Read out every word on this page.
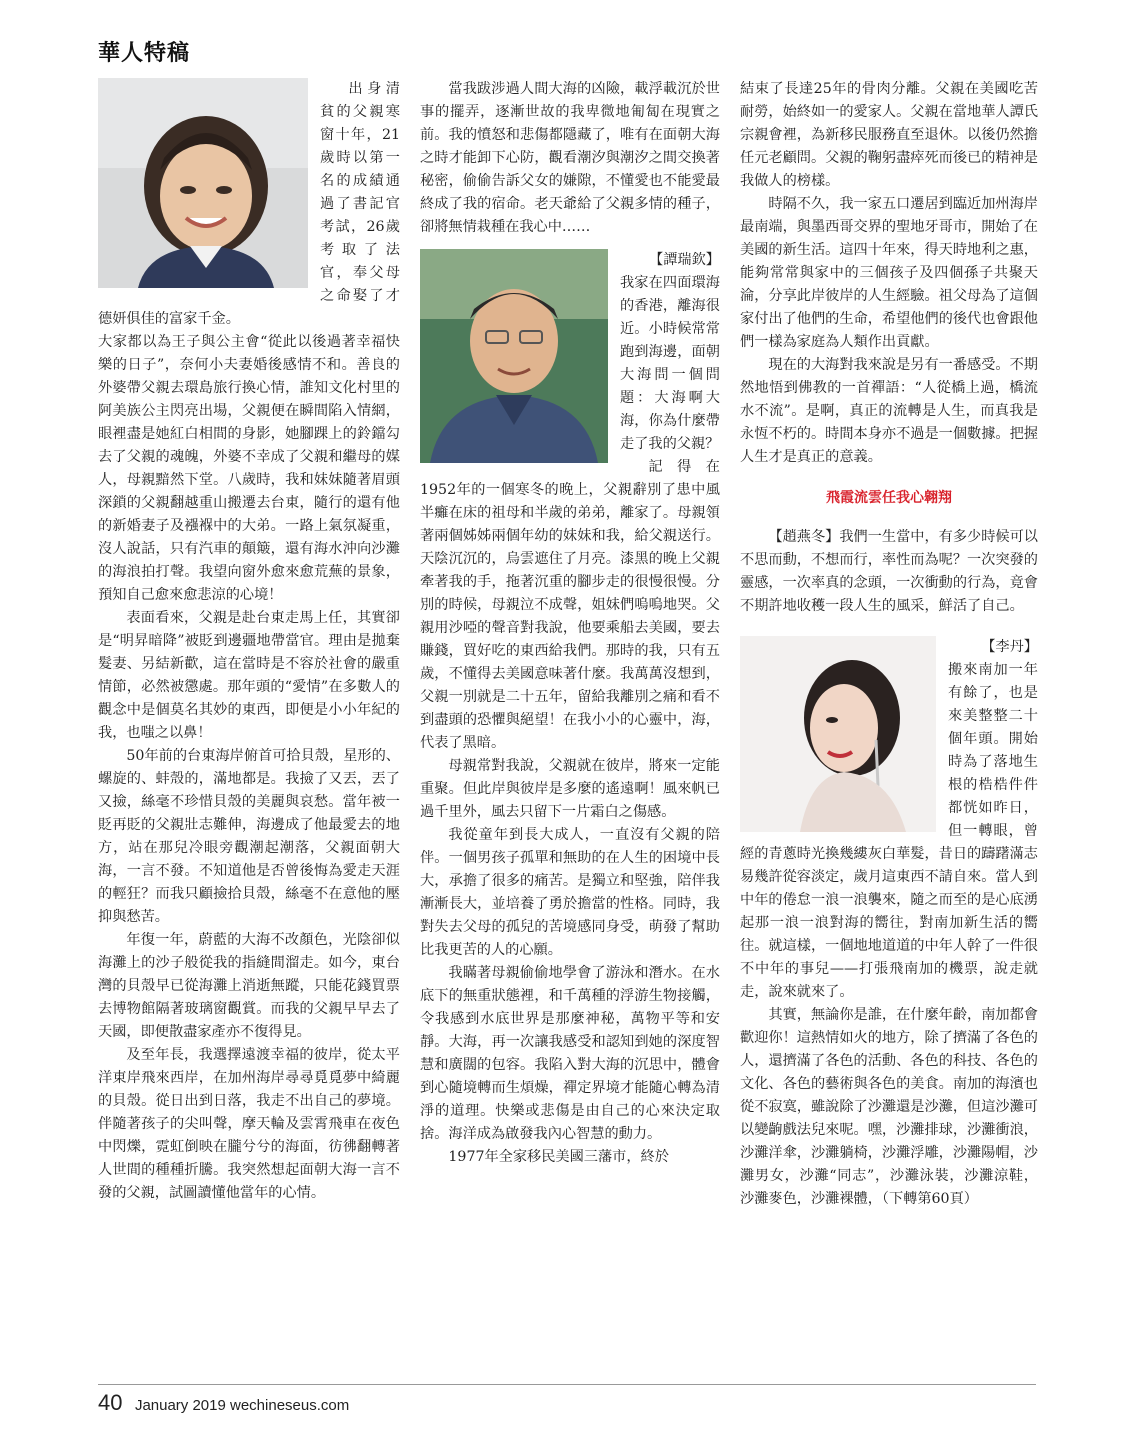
華人特稿

出身清貧的父親寒窗十年，21歲時以第一名的成績通過了書記官考試，26歲考取了法官，奉父母之命娶了才德妍俱佳的富家千金。

大家都以為王子與公主會“從此以後過著幸福快樂的日子”，奈何小夫妻婚後感情不和。善良的外婆帶父親去環島旅行換心情，誰知文化村里的阿美族公主閃亮出場，父親便在瞬間陷入情網，眼裡盡是她紅白相間的身影，她腳踝上的鈴鐺勾去了父親的魂魄，外婆不幸成了父親和繼母的媒人，母親黯然下堂。八歲時，我和妹妹隨著眉頭深鎖的父親翻越重山搬遷去台東，隨行的還有他的新婚妻子及襁褓中的大弟。一路上氣氛凝重，沒人說話，只有汽車的顛簸，還有海水沖向沙灘的海浪拍打聲。我望向窗外愈來愈荒蕪的景象，預知自己愈來愈悲涼的心境！

表面看來，父親是赴台東走馬上任，其實卻是“明昇暗降”被貶到邊疆地帶當官。理由是拋棄髮妻、另結新歡，這在當時是不容於社會的嚴重情節，必然被懲處。那年頭的“愛情”在多數人的觀念中是個莫名其妙的東西，即便是小小年紀的我，也嗤之以鼻！

50年前的台東海岸俯首可拾貝殼，星形的、螺旋的、蚌殼的，滿地都是。我撿了又丟，丟了又撿，絲毫不珍惜貝殼的美麗與哀愁。當年被一貶再貶的父親壯志難伸，海邊成了他最愛去的地方，站在那兒冷眼旁觀潮起潮落，父親面朝大海，一言不發。不知道他是否曾後悔為愛走天涯的輕狂？而我只顧撿拾貝殼，絲毫不在意他的壓抑與愁苦。

年復一年，蔚藍的大海不改顏色，光陰卻似海灘上的沙子般從我的指縫間溜走。如今，東台灣的貝殼早已從海灘上消逝無蹤，只能花錢買票去博物館隔著玻璃窗觀賞。而我的父親早早去了天國，即便散盡家產亦不復得見。

及至年長，我選擇遠渡幸福的彼岸，從太平洋東岸飛來西岸，在加州海岸尋尋覓覓夢中綺麗的貝殼。從日出到日落，我走不出自己的夢境。伴隨著孩子的尖叫聲，摩天輪及雲霄飛車在夜色中閃爍，霓虹倒映在朧兮兮的海面，彷彿翻轉著人世間的種種折騰。我突然想起面朝大海一言不發的父親，試圖讀懂他當年的心情。

當我跋涉過人間大海的凶險，載浮載沉於世事的擺弄，逐漸世故的我卑微地匍匐在現實之前。我的憤怒和悲傷都隱藏了，唯有在面朝大海之時才能卸下心防，觀看潮汐與潮汐之間交換著秘密，偷偷告訴父女的嫌隙，不懂愛也不能愛最終成了我的宿命。老天爺給了父親多情的種子，卻將無情栽種在我心中……

【譚瑞欽】

我家在四面環海的香港，離海很近。小時候常常跑到海邊，面朝大海問一個問題：大海啊大海，你為什麼帶走了我的父親？

記得在1952年的一個寒冬的晚上，父親辭別了患中風半癱在床的祖母和半歲的弟弟，離家了。母親領著兩個姊姊兩個年幼的妹妹和我，給父親送行。天陰沉沉的，烏雲遮住了月亮。漆黑的晚上父親牽著我的手，拖著沉重的腳步走的很慢很慢。分別的時候，母親泣不成聲，姐妹們嗚嗚地哭。父親用沙啞的聲音對我說，他要乘船去美國，要去賺錢，買好吃的東西給我們。那時的我，只有五歲，不懂得去美國意味著什麼。我萬萬沒想到，父親一別就是二十五年，留給我離別之痛和看不到盡頭的恐懼與絕望！在我小小的心靈中，海，代表了黑暗。

母親常對我說，父親就在彼岸，將來一定能重聚。但此岸與彼岸是多麼的遙遠啊！風來帆已過千里外，風去只留下一片霜白之傷感。

我從童年到長大成人，一直沒有父親的陪伴。一個男孩子孤單和無助的在人生的困境中長大，承擔了很多的痛苦。是獨立和堅強，陪伴我漸漸長大，並培養了勇於擔當的性格。同時，我對失去父母的孤兒的苦境感同身受，萌發了幫助比我更苦的人的心願。

我瞞著母親偷偷地學會了游泳和潛水。在水底下的無重狀態裡，和千萬種的浮游生物接觸，令我感到水底世界是那麼神秘，萬物平等和安靜。大海，再一次讓我感受和認知到她的深度智慧和廣闊的包容。我陷入對大海的沉思中，體會到心隨境轉而生煩燥，禪定界境才能隨心轉為清淨的道理。快樂或悲傷是由自己的心來決定取捨。海洋成為啟發我內心智慧的動力。

1977年全家移民美國三藩市，終於

結束了長達25年的骨肉分離。父親在美國吃苦耐勞，始終如一的愛家人。父親在當地華人譚氏宗親會裡，為新移民服務直至退休。以後仍然擔任元老顧問。父親的鞠躬盡瘁死而後已的精神是我做人的榜樣。

時隔不久，我一家五口遷居到臨近加州海岸最南端，與墨西哥交界的聖地牙哥市，開始了在美國的新生活。這四十年來，得天時地利之惠，能夠常常與家中的三個孩子及四個孫子共聚天淪，分享此岸彼岸的人生經驗。祖父母為了這個家付出了他們的生命，希望他們的後代也會跟他們一樣為家庭為人類作出貢獻。

現在的大海對我來說是另有一番感受。不期然地悟到佛教的一首禪語：“人從橋上過，橋流水不流”。是啊，真正的流轉是人生，而真我是永恆不朽的。時間本身亦不過是一個數據。把握人生才是真正的意義。

飛霞流雲任我心翱翔

【趙燕冬】我們一生當中，有多少時候可以不思而動，不想而行，率性而為呢？一次突發的靈感，一次率真的念頭，一次衝動的行為，竟會不期許地收穫一段人生的風采，鮮活了自己。

【李丹】

搬來南加一年有餘了，也是來美整整二十個年頭。開始時為了落地生根的梏梏件件都恍如昨日，但一轉眼，曾經的青蔥時光換幾縷灰白華髮，昔日的躊躇滿志易幾許從容淡定，歲月這東西不請自來。當人到中年的倦怠一浪一浪襲來，隨之而至的是心底湧起那一浪一浪對海的嚮往，對南加新生活的嚮往。就這樣，一個地地道道的中年人幹了一件很不中年的事兒——打張飛南加的機票，說走就走，說來就來了。

其實，無論你是誰，在什麼年齡，南加都會歡迎你！這熱情如火的地方，除了擠滿了各色的人，還擠滿了各色的活動、各色的科技、各色的文化、各色的藝術與各色的美食。南加的海濱也從不寂寞，雖說除了沙灘還是沙灘，但這沙灘可以變齣戲法兒來呢。嘿，沙灘排球，沙灘衝浪，沙灘洋傘，沙灘躺椅，沙灘浮雕，沙灘陽帽，沙灘男女，沙灘“同志”，沙灘泳裝，沙灘涼鞋，沙灘麥色，沙灘裸體，（下轉第60頁）

40 January 2019 wechineseus.com
